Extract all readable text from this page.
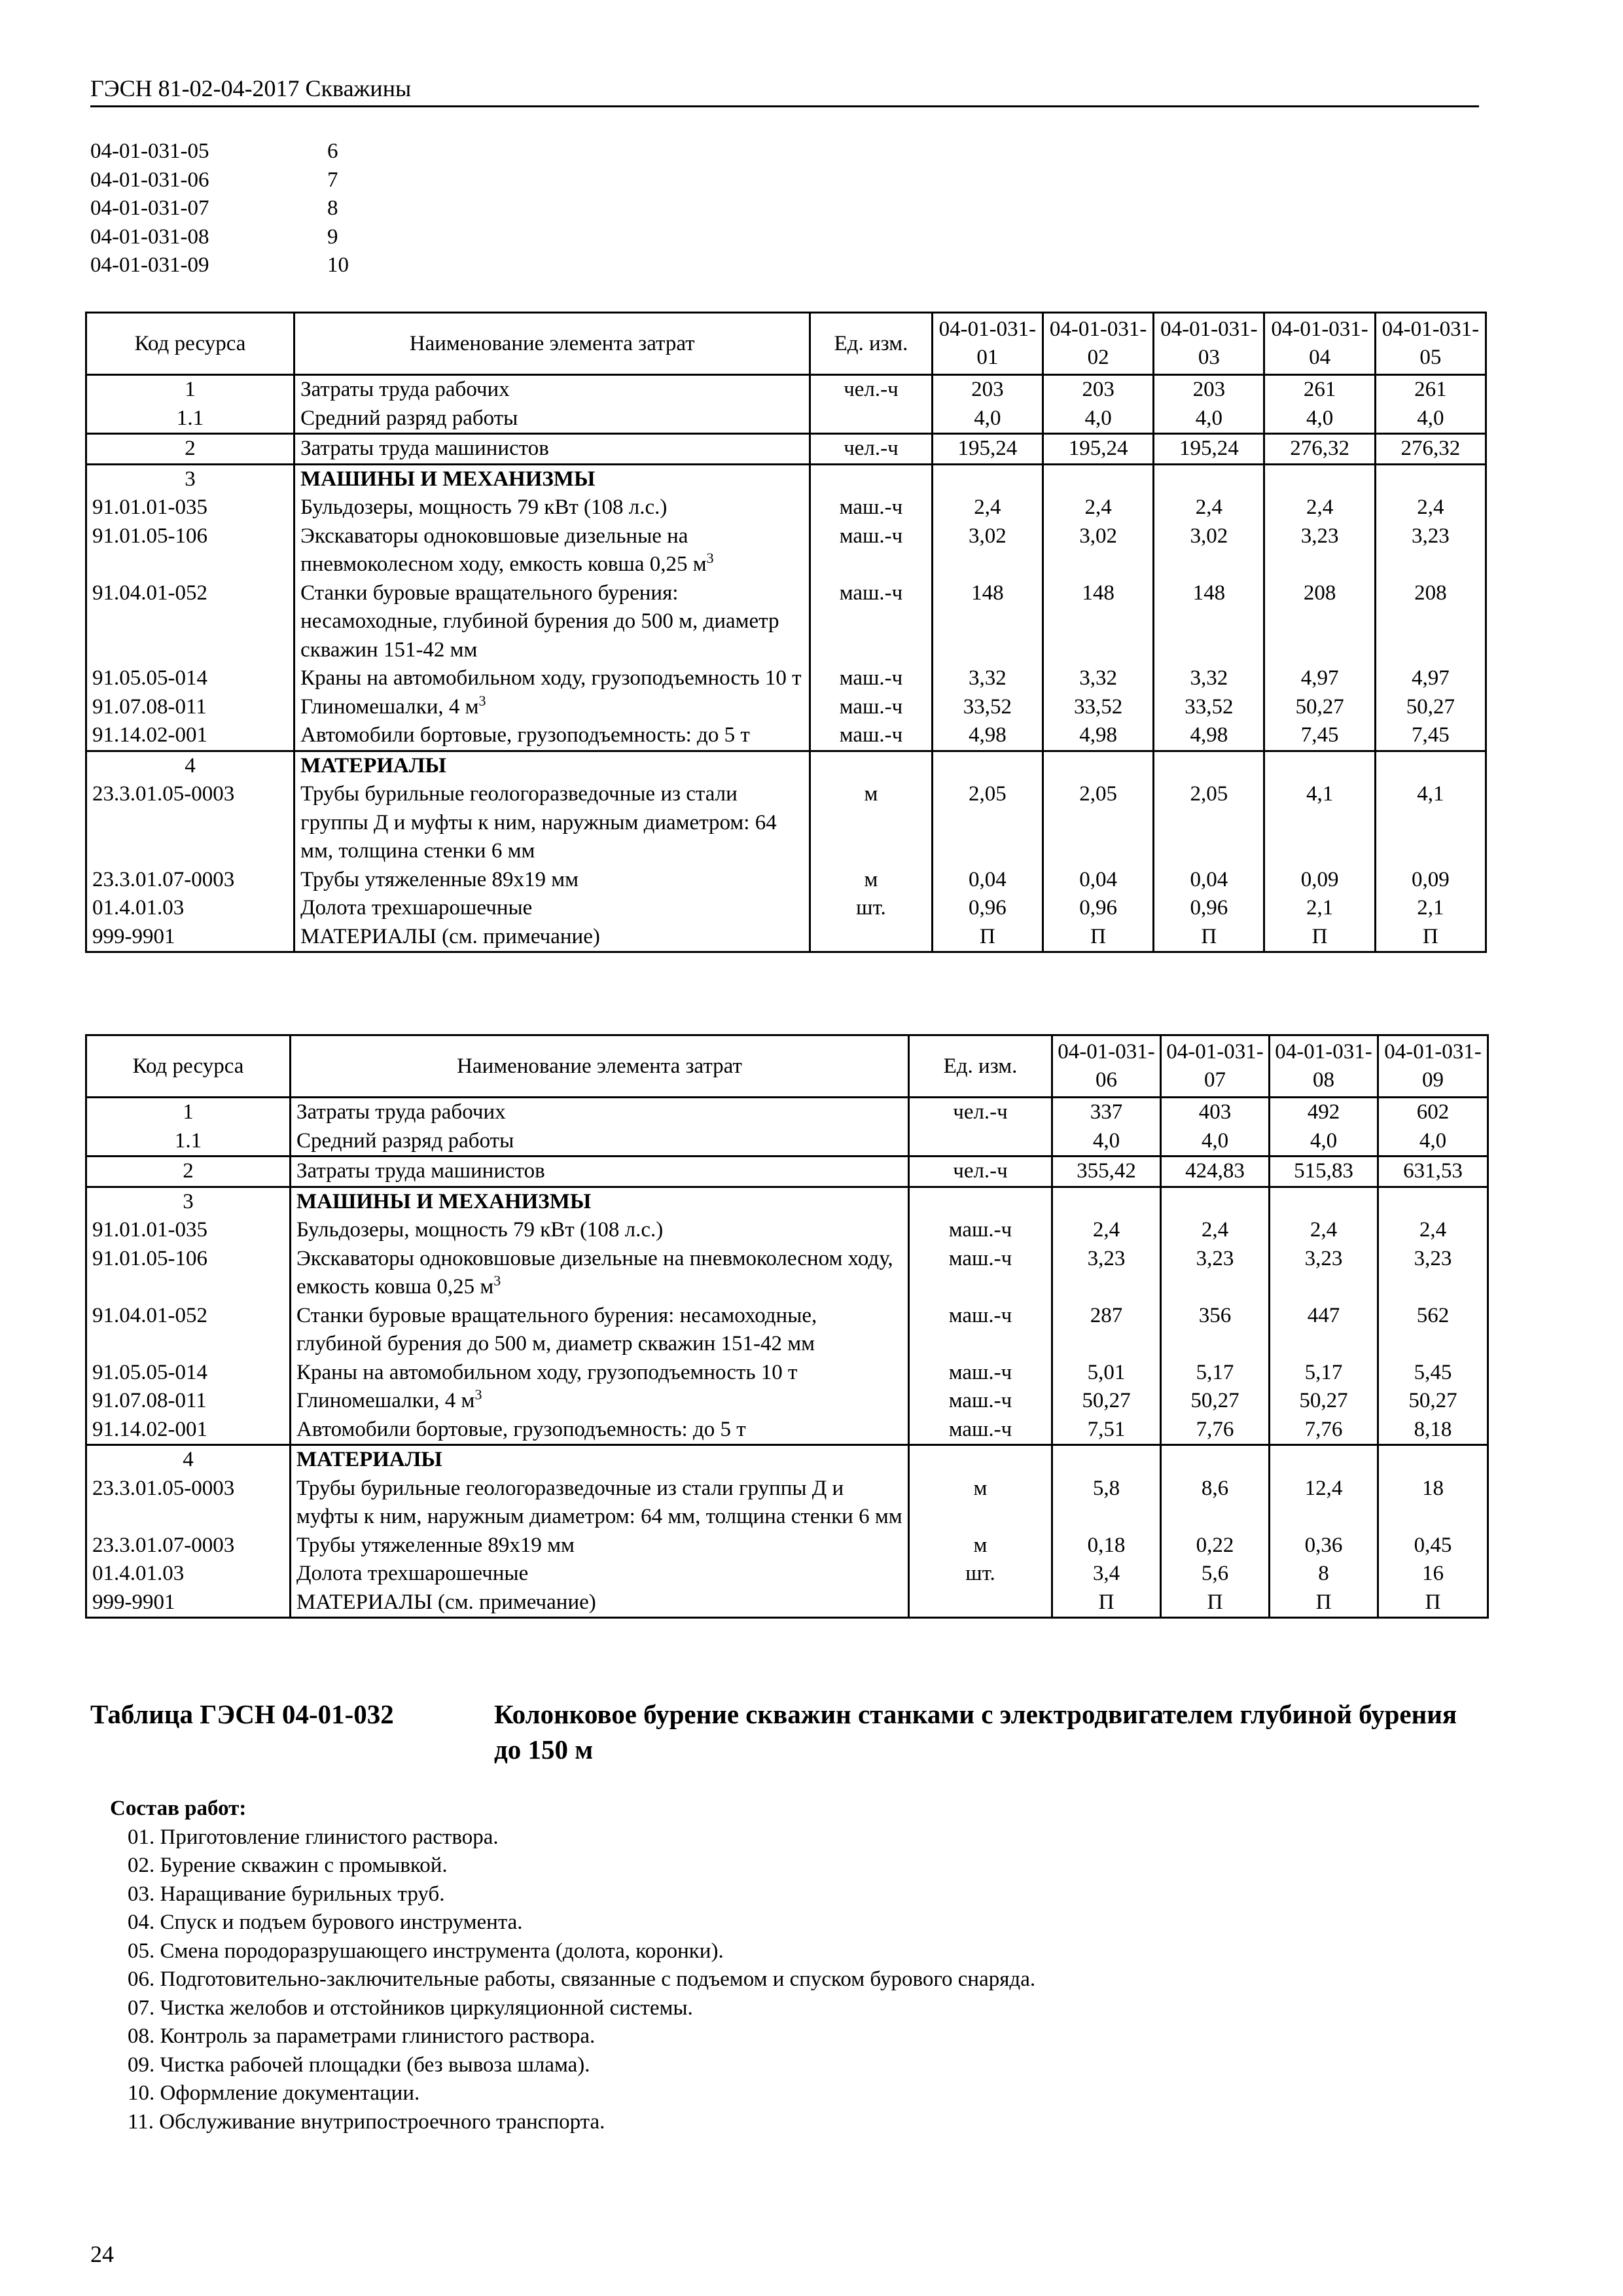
ГЭСН 81-02-04-2017 Скважины
04-01-031-05	6
04-01-031-06	7
04-01-031-07	8
04-01-031-08	9
04-01-031-09	10
Код ресурса	Наименование элемента затрат	Ед. изм.	04-01-031-01	04-01-031-02	04-01-031-03	04-01-031-04	04-01-031-05
1	Затраты труда рабочих	чел.-ч	203	203	203	261	261
1.1	Средний разряд работы		4,0	4,0	4,0	4,0	4,0
2	Затраты труда машинистов	чел.-ч	195,24	195,24	195,24	276,32	276,32
3	МАШИНЫ И МЕХАНИЗМЫ						
91.01.01-035	Бульдозеры, мощность 79 кВт (108 л.с.)	маш.-ч	2,4	2,4	2,4	2,4	2,4
91.01.05-106	Экскаваторы одноковшовые дизельные на пневмоколесном ходу, емкость ковша 0,25 $м^3$	маш.-ч	3,02	3,02	3,02	3,23	3,23
91.04.01-052	Станки буровые вращательного бурения: несамоходные, глубиной бурения до 500 м, диаметр скважин 151-42 мм	маш.-ч	148	148	148	208	208
91.05.05-014	Краны на автомобильном ходу, грузоподъемность 10 т	маш.-ч	3,32	3,32	3,32	4,97	4,97
91.07.08-011	Глиномешалки, 4 $м^3$	маш.-ч	33,52	33,52	33,52	50,27	50,27
91.14.02-001	Автомобили бортовые, грузоподъемность: до 5 т	маш.-ч	4,98	4,98	4,98	7,45	7,45
4	МАТЕРИАЛЫ						
23.3.01.05-0003	Трубы бурильные геологоразведочные из стали группы Д и муфты к ним, наружным диаметром: 64 мм, толщина стенки 6 мм	м	2,05	2,05	2,05	4,1	4,1
23.3.01.07-0003	Трубы утяжеленные 89х19 мм	м	0,04	0,04	0,04	0,09	0,09
01.4.01.03	Долота трехшарошечные	шт.	0,96	0,96	0,96	2,1	2,1
999-9901	МАТЕРИАЛЫ (см. примечание)		П	П	П	П	П
Код ресурса	Наименование элемента затрат	Ед. изм.	04-01-031-06	04-01-031-07	04-01-031-08	04-01-031-09
1	Затраты труда рабочих	чел.-ч	337	403	492	602
1.1	Средний разряд работы		4,0	4,0	4,0	4,0
2	Затраты труда машинистов	чел.-ч	355,42	424,83	515,83	631,53
3	МАШИНЫ И МЕХАНИЗМЫ					
91.01.01-035	Бульдозеры, мощность 79 кВт (108 л.с.)	маш.-ч	2,4	2,4	2,4	2,4
91.01.05-106	Экскаваторы одноковшовые дизельные на пневмоколесном ходу, емкость ковша 0,25 $м^3$	маш.-ч	3,23	3,23	3,23	3,23
91.04.01-052	Станки буровые вращательного бурения: несамоходные, глубиной бурения до 500 м, диаметр скважин 151-42 мм	маш.-ч	287	356	447	562
91.05.05-014	Краны на автомобильном ходу, грузоподъемность 10 т	маш.-ч	5,01	5,17	5,17	5,45
91.07.08-011	Глиномешалки, 4 $м^3$	маш.-ч	50,27	50,27	50,27	50,27
91.14.02-001	Автомобили бортовые, грузоподъемность: до 5 т	маш.-ч	7,51	7,76	7,76	8,18
4	МАТЕРИАЛЫ					
23.3.01.05-0003	Трубы бурильные геологоразведочные из стали группы Д и муфты к ним, наружным диаметром: 64 мм, толщина стенки 6 мм	м	5,8	8,6	12,4	18
23.3.01.07-0003	Трубы утяжеленные 89х19 мм	м	0,18	0,22	0,36	0,45
01.4.01.03	Долота трехшарошечные	шт.	3,4	5,6	8	16
999-9901	МАТЕРИАЛЫ (см. примечание)		П	П	П	П
Таблица ГЭСН 04-01-032	Колонковое бурение скважин станками с электродвигателем глубиной бурения до 150 м
Состав работ:
01. Приготовление глинистого раствора.
02. Бурение скважин с промывкой.
03. Наращивание бурильных труб.
04. Спуск и подъем бурового инструмента.
05. Смена породоразрушающего инструмента (долота, коронки).
06. Подготовительно-заключительные работы, связанные с подъемом и спуском бурового снаряда.
07. Чистка желобов и отстойников циркуляционной системы.
08. Контроль за параметрами глинистого раствора.
09. Чистка рабочей площадки (без вывоза шлама).
10. Оформление документации.
11. Обслуживание внутрипостроечного транспорта.
24
